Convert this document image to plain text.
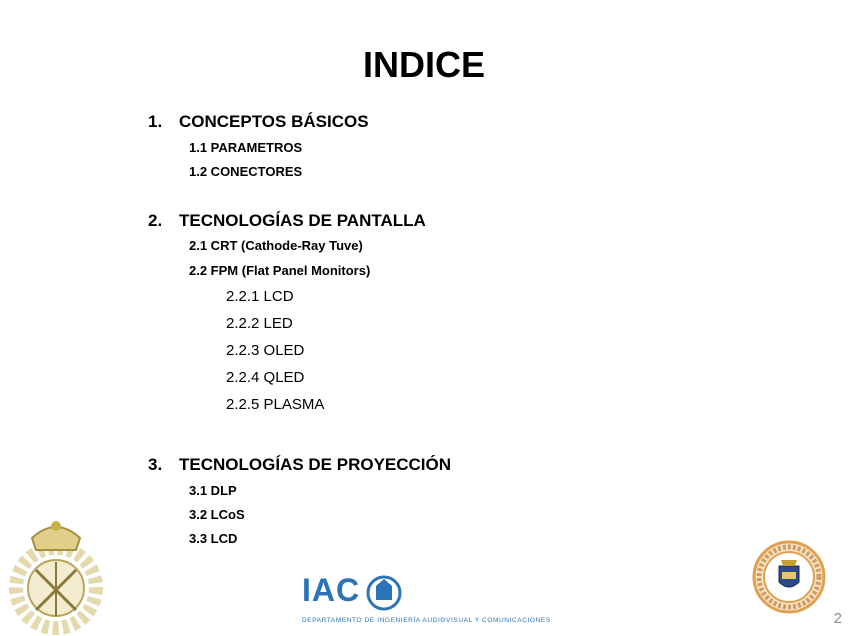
INDICE
1. CONCEPTOS BÁSICOS
1.1 PARAMETROS
1.2 CONECTORES
2. TECNOLOGÍAS DE PANTALLA
2.1 CRT (Cathode-Ray Tuve)
2.2 FPM (Flat Panel Monitors)
2.2.1 LCD
2.2.2 LED
2.2.3 OLED
2.2.4 QLED
2.2.5 PLASMA
3. TECNOLOGÍAS DE PROYECCIÓN
3.1 DLP
3.2 LCoS
3.3 LCD
IAC
DEPARTAMENTO DE INGENIERÍA AUDIOVISUAL Y COMUNICACIONES	2
